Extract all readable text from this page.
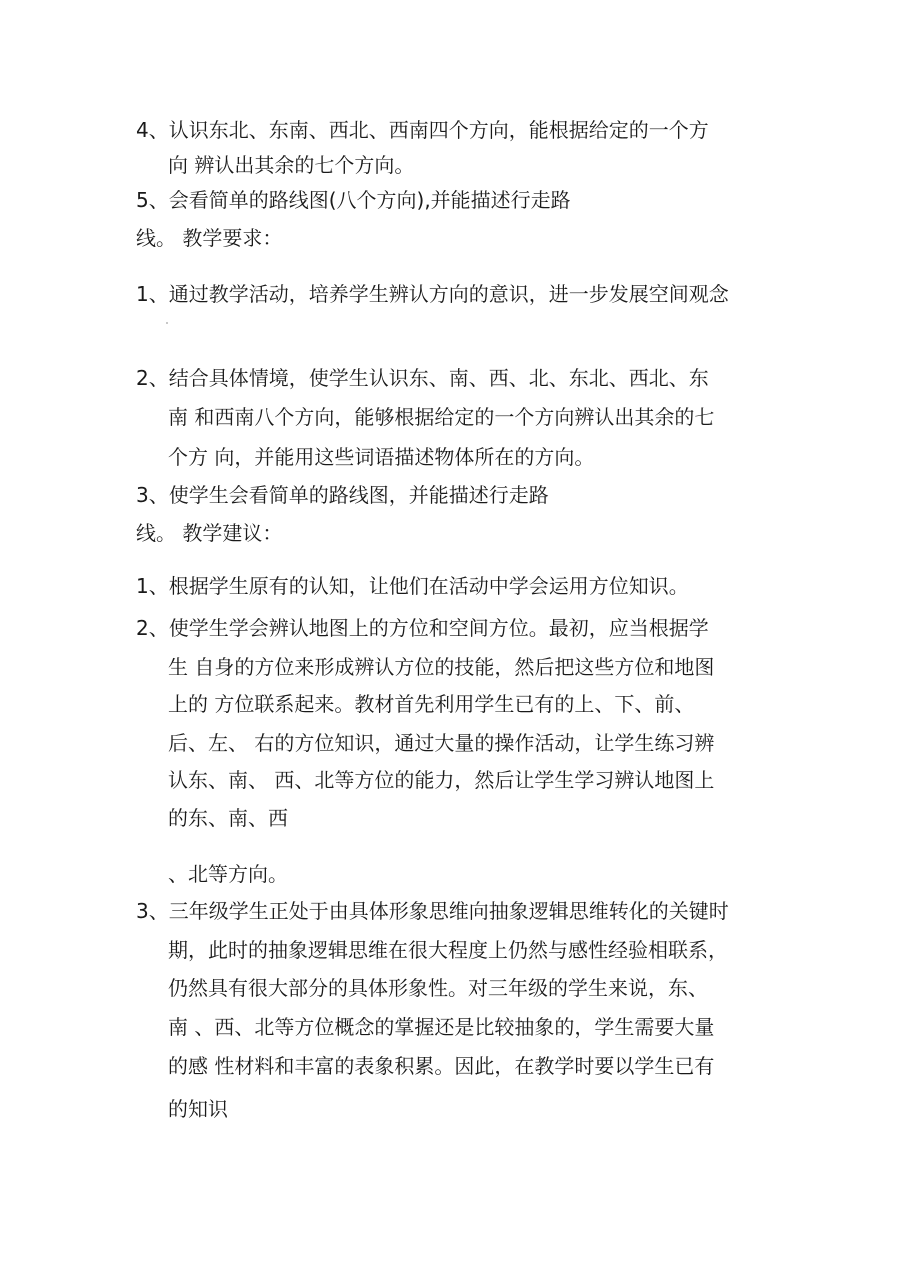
4、认识东北、东南、西北、西南四个方向，能根据给定的一个方

向 辨认出其余的七个方向。

5、会看简单的路线图(八个方向),并能描述行走路

线。 教学要求：

1、通过教学活动，培养学生辨认方向的意识，进一步发展空间观念

2、结合具体情境，使学生认识东、南、西、北、东北、西北、东

南 和西南八个方向，能够根据给定的一个方向辨认出其余的七

个方 向，并能用这些词语描述物体所在的方向。

3、使学生会看简单的路线图，并能描述行走路

线。 教学建议：

1、根据学生原有的认知，让他们在活动中学会运用方位知识。

2、使学生学会辨认地图上的方位和空间方位。最初，应当根据学

生 自身的方位来形成辨认方位的技能，然后把这些方位和地图

上的 方位联系起来。教材首先利用学生已有的上、下、前、

后、左、 右的方位知识，通过大量的操作活动，让学生练习辨

认东、南、 西、北等方位的能力，然后让学生学习辨认地图上

的东、南、西

、北等方向。

3、三年级学生正处于由具体形象思维向抽象逻辑思维转化的关键时

期，此时的抽象逻辑思维在很大程度上仍然与感性经验相联系，

仍然具有很大部分的具体形象性。对三年级的学生来说，东、

南 、西、北等方位概念的掌握还是比较抽象的，学生需要大量

的感 性材料和丰富的表象积累。因此，在教学时要以学生已有

的知识
